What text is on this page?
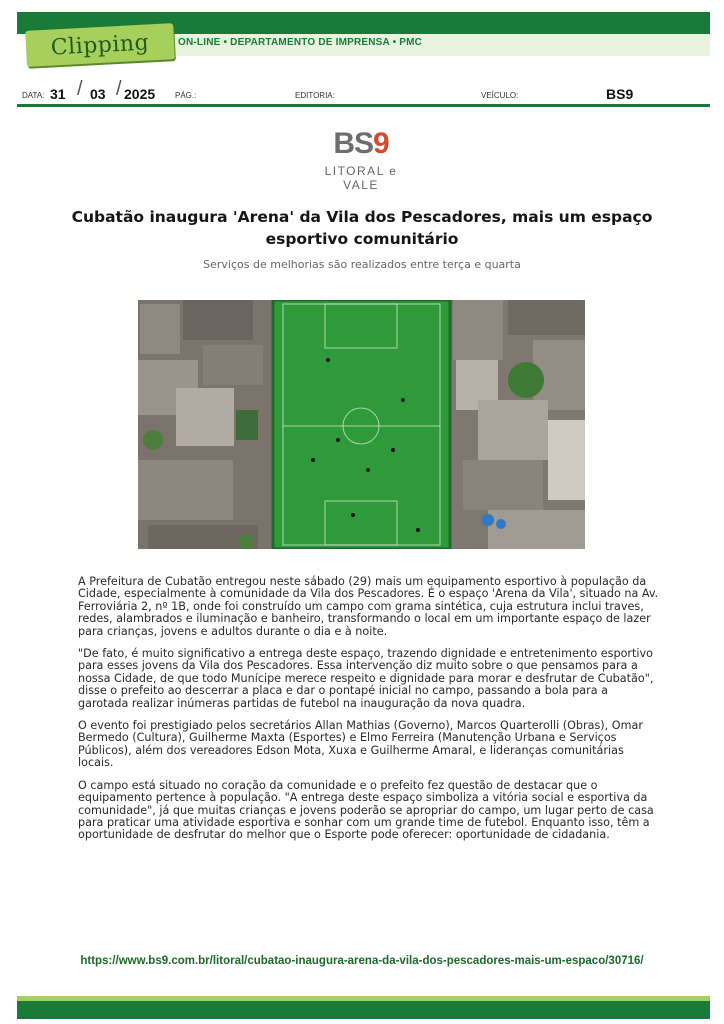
Clipping	ON-LINE • DEPARTAMENTO DE IMPRENSA • PMC
DATA: 31 / 03 / 2025 PÁG.:	EDITORIA:	VEÍCULO:	BS9
BS9
LITORAL e VALE
Cubatão inaugura 'Arena' da Vila dos Pescadores, mais um espaço esportivo comunitário
Serviços de melhorias são realizados entre terça e quarta

A Prefeitura de Cubatão entregou neste sábado (29) mais um equipamento esportivo à população da Cidade, especialmente à comunidade da Vila dos Pescadores. É o espaço 'Arena da Vila', situado na Av. Ferroviária 2, nº 1B, onde foi construído um campo com grama sintética, cuja estrutura inclui traves, redes, alambrados e iluminação e banheiro, transformando o local em um importante espaço de lazer para crianças, jovens e adultos durante o dia e à noite.

"De fato, é muito significativo a entrega deste espaço, trazendo dignidade e entretenimento esportivo para esses jovens da Vila dos Pescadores. Essa intervenção diz muito sobre o que pensamos para a nossa Cidade, de que todo Munícipe merece respeito e dignidade para morar e desfrutar de Cubatão", disse o prefeito ao descerrar a placa e dar o pontapé inicial no campo, passando a bola para a garotada realizar inúmeras partidas de futebol na inauguração da nova quadra.

O evento foi prestigiado pelos secretários Allan Mathias (Governo), Marcos Quarterolli (Obras), Omar Bermedo (Cultura), Guilherme Maxta (Esportes) e Elmo Ferreira (Manutenção Urbana e Serviços Públicos), além dos vereadores Edson Mota, Xuxa e Guilherme Amaral, e lideranças comunitárias locais.

O campo está situado no coração da comunidade e o prefeito fez questão de destacar que o equipamento pertence à população. "A entrega deste espaço simboliza a vitória social e esportiva da comunidade", já que muitas crianças e jovens poderão se apropriar do campo, um lugar perto de casa para praticar uma atividade esportiva e sonhar com um grande time de futebol. Enquanto isso, têm a oportunidade de desfrutar do melhor que o Esporte pode oferecer: oportunidade de cidadania.

https://www.bs9.com.br/litoral/cubatao-inaugura-arena-da-vila-dos-pescadores-mais-um-espaco/30716/
